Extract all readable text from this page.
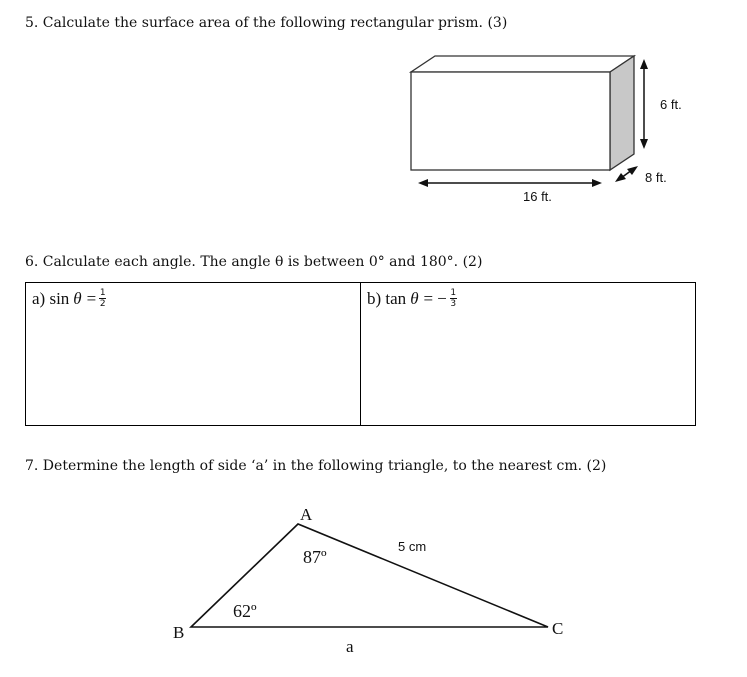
5. Calculate the surface area of the following rectangular prism. (3)
16 ft.
6 ft.
8 ft.
6. Calculate each angle. The angle θ is between 0° and 180°. (2)
a) $\sin \theta = \frac{1}{2}$	b) tan θ = − $\frac{1}{3}$
7. Determine the length of side ‘a’ in the following triangle, to the nearest cm. (2)
A
B	C
87º
62º
5 cm
a
